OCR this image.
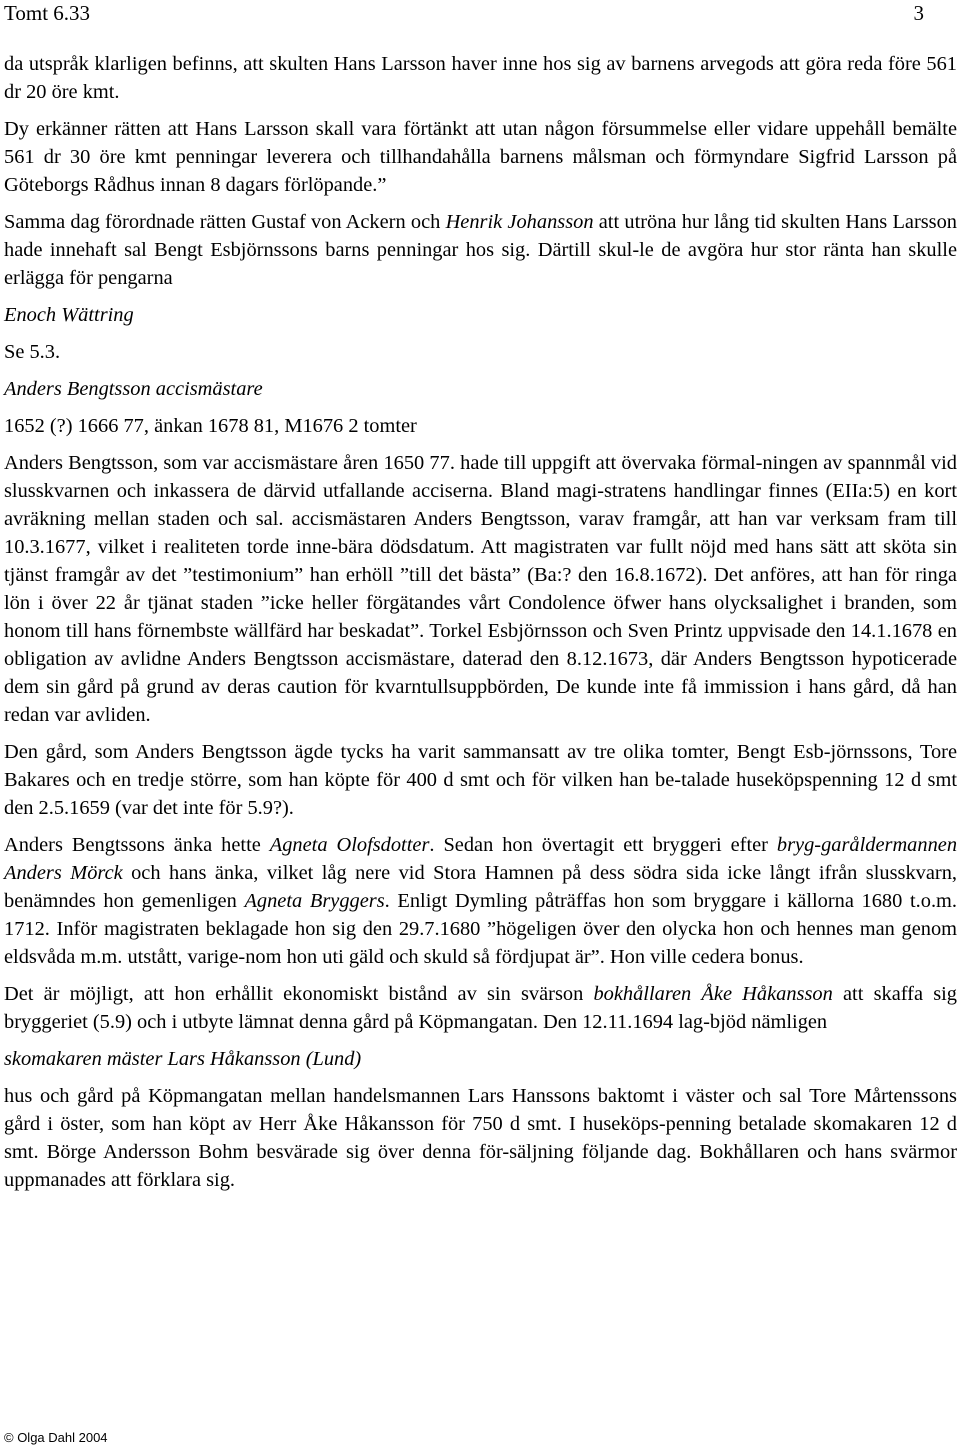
Tomt 6.33	3

da utspråk klarligen befinns, att skulten Hans Larsson haver inne hos sig av barnens arvegods att göra reda före 561 dr 20 öre kmt.

Dy erkänner rätten att Hans Larsson skall vara förtänkt att utan någon försummelse eller vidare uppehåll bemälte 561 dr 30 öre kmt penningar leverera och tillhandahålla barnens målsman och förmyndare Sigfrid Larsson på Göteborgs Rådhus innan 8 dagars förlöpande.”

Samma dag förordnade rätten Gustaf von Ackern och Henrik Johansson att utröna hur lång tid skulten Hans Larsson hade innehaft sal Bengt Esbjörnssons barns penningar hos sig. Därtill skul-le de avgöra hur stor ränta han skulle erlägga för pengarna

Enoch Wättring

Se 5.3.

Anders Bengtsson accismästare

1652 (?) 1666 77, änkan 1678 81, M1676 2 tomter

Anders Bengtsson, som var accismästare åren 1650 77. hade till uppgift att övervaka förmal-ningen av spannmål vid slusskvarnen och inkassera de därvid utfallande acciserna. Bland magi-stratens handlingar finnes (EIIa:5) en kort avräkning mellan staden och sal. accismästaren Anders Bengtsson, varav framgår, att han var verksam fram till 10.3.1677, vilket i realiteten torde inne-bära dödsdatum. Att magistraten var fullt nöjd med hans sätt att sköta sin tjänst framgår av det ”testimonium” han erhöll ”till det bästa” (Ba:? den 16.8.1672). Det anföres, att han för ringa lön i över 22 år tjänat staden ”icke heller förgätandes vårt Condolence öfwer hans olycksalighet i branden, som honom till hans förnembste wällfärd har beskadat”. Torkel Esbjörnsson och Sven Printz uppvisade den 14.1.1678 en obligation av avlidne Anders Bengtsson accismästare, daterad den 8.12.1673, där Anders Bengtsson hypoticerade dem sin gård på grund av deras caution för kvarntullsuppbörden, De kunde inte få immission i hans gård, då han redan var avliden.

Den gård, som Anders Bengtsson ägde tycks ha varit sammansatt av tre olika tomter, Bengt Esb-jörnssons, Tore Bakares och en tredje större, som han köpte för 400 d smt och för vilken han be-talade huseköpspenning 12 d smt den 2.5.1659 (var det inte för 5.9?).

Anders Bengtssons änka hette Agneta Olofsdotter. Sedan hon övertagit ett bryggeri efter bryg-garåldermannen Anders Mörck och hans änka, vilket låg nere vid Stora Hamnen på dess södra sida icke långt ifrån slusskvarn, benämndes hon gemenligen Agneta Bryggers. Enligt Dymling påträffas hon som bryggare i källorna 1680 t.o.m. 1712. Inför magistraten beklagade hon sig den 29.7.1680 ”högeligen över den olycka hon och hennes man genom eldsvåda m.m. utstått, varige-nom hon uti gäld och skuld så fördjupat är”. Hon ville cedera bonus.

Det är möjligt, att hon erhållit ekonomiskt bistånd av sin svärson bokhållaren Åke Håkansson att skaffa sig bryggeriet (5.9) och i utbyte lämnat denna gård på Köpmangatan. Den 12.11.1694 lag-bjöd nämligen

skomakaren mäster Lars Håkansson (Lund)

hus och gård på Köpmangatan mellan handelsmannen Lars Hanssons baktomt i väster och sal Tore Mårtenssons gård i öster, som han köpt av Herr Åke Håkansson för 750 d smt. I huseköps-penning betalade skomakaren 12 d smt. Börge Andersson Bohm besvärade sig över denna för-säljning följande dag. Bokhållaren och hans svärmor uppmanades att förklara sig.

© Olga Dahl 2004
